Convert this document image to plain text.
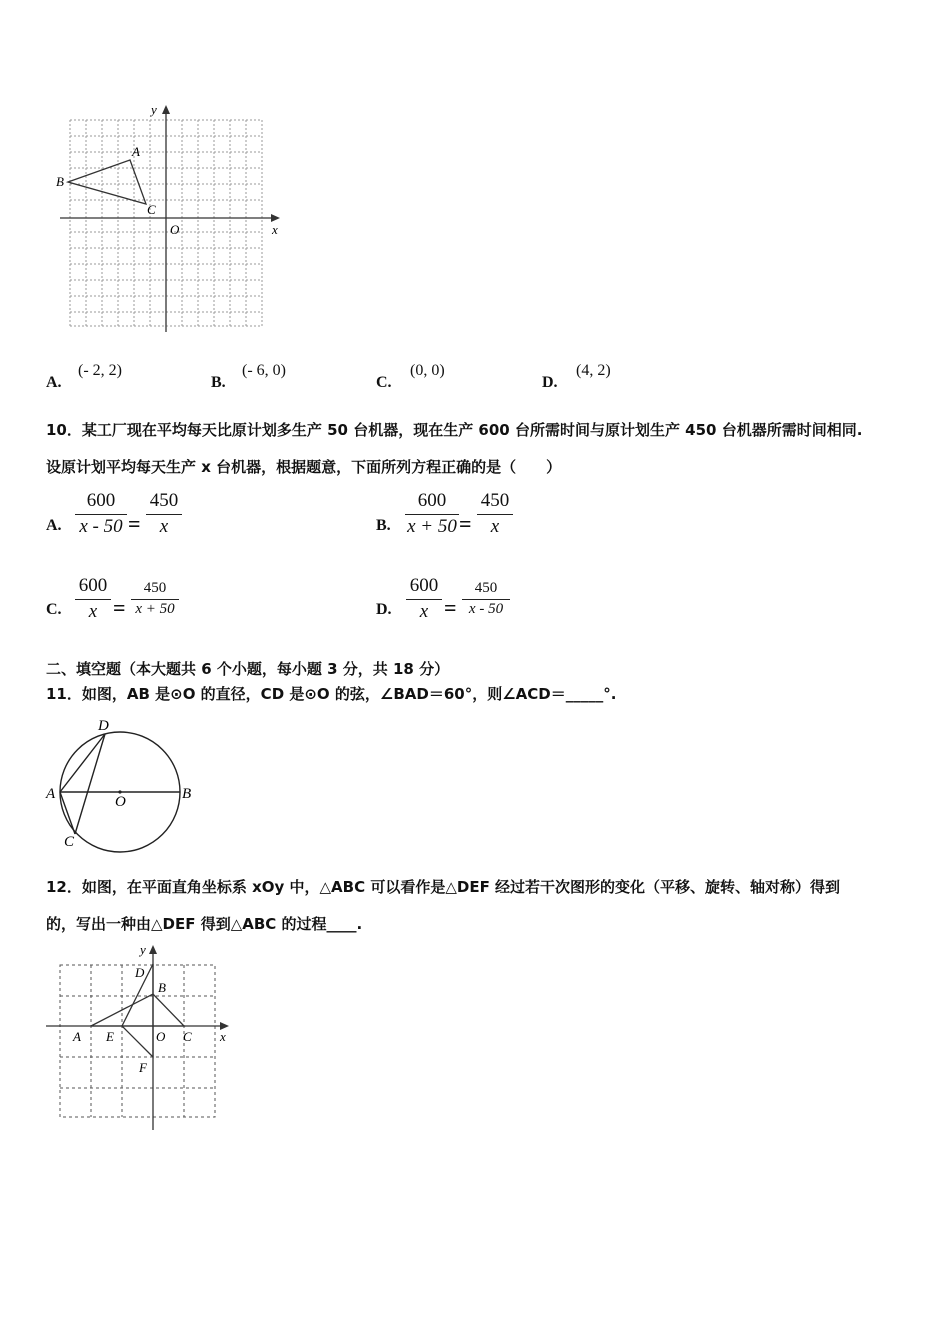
y
x
A
B
C
O
A.
(- 2, 2)
B.
(- 6, 0)
C.
(0, 0)
D.
(4, 2)
10．某工厂现在平均每天比原计划多生产 50 台机器，现在生产 600 台所需时间与原计划生产 450 台机器所需时间相同.
设原计划平均每天生产 x 台机器，根据题意，下面所列方程正确的是（　　）
A. $\frac{600}{x - 50} = \frac{450}{x}$	B. $\frac{600}{x + 50} = \frac{450}{x}$
C. $\frac{600}{x} = \frac{450}{x + 50}$	D. $\frac{600}{x} = \frac{450}{x - 50}$
二、填空题（本大题共 6 个小题，每小题 3 分，共 18 分）
11．如图，AB 是⊙O 的直径，CD 是⊙O 的弦，∠BAD＝60°，则∠ACD＝_____°.
D
A	B
O
C
12．如图，在平面直角坐标系 xOy 中，△ABC 可以看作是△DEF 经过若干次图形的变化（平移、旋转、轴对称）得到
的，写出一种由△DEF 得到△ABC 的过程____.
y
x
D
B
A E	O C
F
